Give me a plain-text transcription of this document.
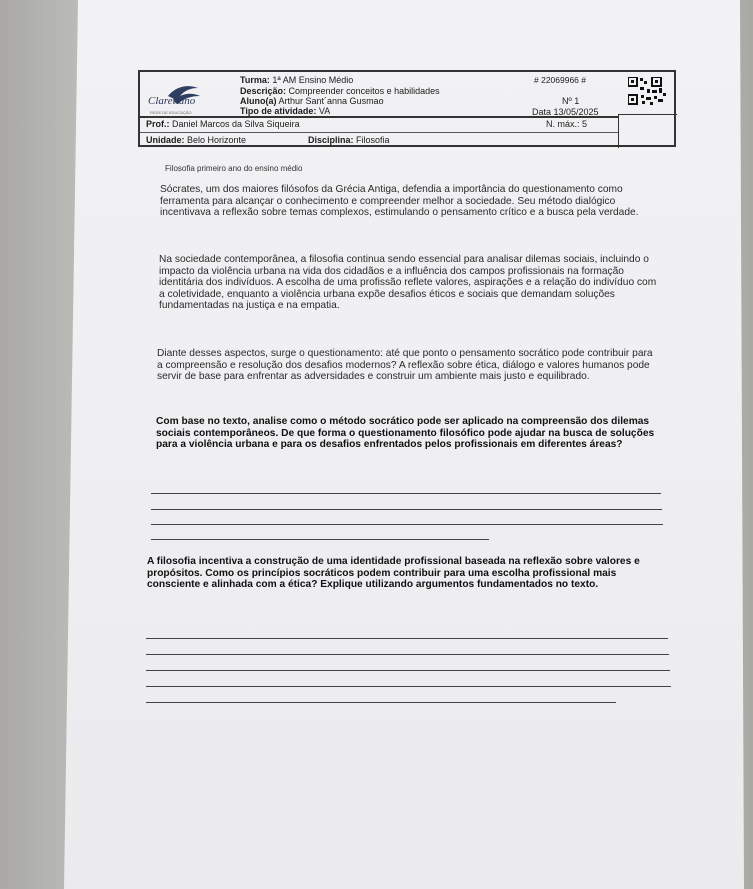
Claretiano
REDE DE EDUCAÇÃO
Turma: 1ª AM Ensino Médio
Descrição: Compreender conceitos e habilidades
Aluno(a) Arthur Sant´anna Gusmao
Tipo de atividade: VA
Prof.: Daniel Marcos da Silva Siqueira
Unidade: Belo Horizonte	Disciplina: Filosofia
# 22069966 #
Nº 1
Data 13/05/2025
N. máx.: 5
Filosofia primeiro ano do ensino médio

Sócrates, um dos maiores filósofos da Grécia Antiga, defendia a importância do questionamento como ferramenta para alcançar o conhecimento e compreender melhor a sociedade. Seu método dialógico incentivava a reflexão sobre temas complexos, estimulando o pensamento crítico e a busca pela verdade.

Na sociedade contemporânea, a filosofia continua sendo essencial para analisar dilemas sociais, incluindo o impacto da violência urbana na vida dos cidadãos e a influência dos campos profissionais na formação identitária dos indivíduos. A escolha de uma profissão reflete valores, aspirações e a relação do indivíduo com a coletividade, enquanto a violência urbana expõe desafios éticos e sociais que demandam soluções fundamentadas na justiça e na empatia.

Diante desses aspectos, surge o questionamento: até que ponto o pensamento socrático pode contribuir para a compreensão e resolução dos desafios modernos? A reflexão sobre ética, diálogo e valores humanos pode servir de base para enfrentar as adversidades e construir um ambiente mais justo e equilibrado.

Com base no texto, analise como o método socrático pode ser aplicado na compreensão dos dilemas sociais contemporâneos. De que forma o questionamento filosófico pode ajudar na busca de soluções para a violência urbana e para os desafios enfrentados pelos profissionais em diferentes áreas?

A filosofia incentiva a construção de uma identidade profissional baseada na reflexão sobre valores e propósitos. Como os princípios socráticos podem contribuir para uma escolha profissional mais consciente e alinhada com a ética? Explique utilizando argumentos fundamentados no texto.
